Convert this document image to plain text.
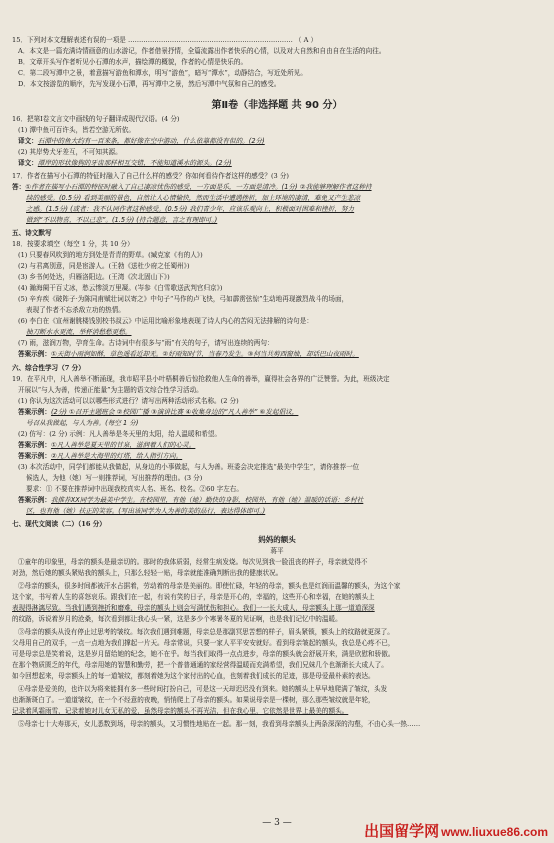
15．下列对本文理解表述有误的一项是 ………………………………………………………………… （ A ）
A．本文是一篇充满诗情画意的山水游记，作者借景抒情，全篇流露出作者快乐的心情，以及对大自然和自由自在生活的向往。
B．文章开头写作者听见小石潭的水声，描绘潭的概貌，作者的心情是快乐的。
C．第二段写潭中之景，着意描写游鱼和潭水，明写“游鱼”，暗写“潭水”，动静结合，写近处所见。
D．本文按游览的顺序，先写发现小石潭，再写潭中之景，然后写潭中气氛和自己的感受。
第Ⅱ卷（非选择题 共 90 分）
16．把第Ⅰ卷文言文中画线的句子翻译成现代汉语。(4 分)
(1) 潭中鱼可百许头，皆若空游无所依。
译文：石潭中的鱼大约有一百来条，都好像在空中游动，什么依靠都没有似的。(2分)
(2) 其岸势犬牙差互，不可知其源。
译文：潭岸的形状像狗的牙齿那样相互交错，不能知道溪水的源头。(2分)
17．作者在描写小石潭的特征时融入了自己什么样的感受？你如何看待作者这样的感受？(3 分)
答：①作者在描写小石潭的特征时融入了自己凄凉忧伤的感受，一方面是乐，一方面是清冷。(1分) ②我能够理解作者这种持
续的感受。(0.5分) 看到美丽的景色，自然让人心情愉快，然而生活中遭遇挫折，加上环境的凄清，难免又产生悲凉
之感。(1.5分) (或者：我不认同作者这种感受。(0.5分) 我们青少年，应该乐观向上，积极面对困难和挫折，努力
做到“不以物喜，不以己悲”。(1.5分) (持合题意，言之有理即可。)
五、诗文默写
18．按要求填空（每空 1 分，共 10 分）
(1) 只要春风吹到的地方到处是青青的野草。(臧克家《有的人》)
(2) 与君离别意，同是宦游人。(王勃《送杜少府之任蜀州》)
(3) 乡书何处达，归雁洛阳边。(王湾《次北固山下》)
(4) 瀚海阑干百丈冰，愁云惨淡万里凝。(岑参《白雪歌送武判官归京》)
(5) 辛弃疾《破阵子·为陈同甫赋壮词以寄之》中句子“马作的卢飞快，弓如霹雳弦惊”生动地再现激烈战斗的场面，
表现了作者不忘杀敌立功的热情。
(6) 李白在《宣州谢朓楼饯别校书叔云》中运用比喻形象地表现了诗人内心的苦闷无法排解的诗句是：
抽刀断水水更流，举杯消愁愁更愁。
(7) 雨，滋润万物，孕育生命。古诗词中有很多与“雨”有关的句子，请写出连续的两句：
答案示例：①天街小雨润如酥，草色遥看近却无。②好雨知时节，当春乃发生。③何当共剪西窗烛，却话巴山夜雨时。
六、综合性学习（7 分）
19．在平凡中，凡人善举不断涌现，我市昭平县小叶梧桐善后惊抢救他人生命的善举，赢得社会各界的广泛赞誉。为此，班级决定
开展以“与人为善，传递正能量”为主题的语文综合性学习活动。
(1) 你认为这次活动可以以哪些形式进行？请写出两种活动形式名称。(2 分)
答案示例：(2分) ①召开主题班会 ②校园广播 ③演讲比赛 ④收集身边的“凡人善举” ⑥发起倡议，
号召从我做起，与人为善。(每空 1 分)
(2) 仿写：(2 分) 示例：凡人善举是冬天里的太阳，给人温暖和希望。
答案示例：①凡人善举是夏天里的甘泉，滋润着人们的心灵。
答案示例：②凡人善举是大海里的灯塔，给人指引方向。
(3) 本次活动中，同学们都能从我做起，从身边的小事做起，与人为善。班委会决定推选“最美中学生”，请你推荐一位
候选人，为他（她）写一则推荐词，写出推荐的理由。(3 分)
要求：① 不要在推荐词中出现我校真实人名、班名、校名。②60 字左右。
答案示例：我推荐XX同学为最美中学生。在校园里，有他（她）勤快的身影，校园外，有他（她）温暖的话语：乡村社
区，也有他（她）扶正的笑容。(写出该同学为人为善的美的品行，表达得体即可。)
七、现代文阅读（二）（16 分）
妈妈的额头
蒋平
①童年的印象里，母亲的额头是最亲切的。那时的我体质弱，经常生病发烧。每次见到我一脸沮丧的样子，母亲就觉得不
对劲，然后她的额头紧贴我的额头上，只那么轻轻一贴，母亲就能准确判断出我的健康状况。
②母亲的额头，很多时间都被汗水占据着，劳动着的母亲是美丽的。即使忙碌，年轻的母亲，额头也是红润而温馨的额头，为这个家
这个家，书写着人生的喜怒哀乐。跟我们在一起，有说有笑的日子，母亲是开心的，幸福的，这些开心和幸福，在她的额头上
表现得淋漓尽致。当我们遇到挫折和磨难，母亲的额头上则会写满忧伤和担心。我们一一长大成人，母亲额头上那一道道深深
的纹路，诉说着岁月的沧桑，每次看到都让我心头一紧，这是多少个寒暑冬夏的见证啊，也是我们记忆中的温暖。
③母亲的额头从没有停止过思考的皱纹。每次我们遇到难题，母亲总是那副冥思苦想的样子，眉头紧锁，额头上的纹路就更深了。
父母用自己的双手，一点一点地为我们撑起一片天。母亲常说，只要一家人平平安安就好。看到母亲皱起的额头，我总是心疼不已，
可是母亲总是笑着说，这是岁月留给她的纪念，她不在乎。每当我们取得一点点进步，母亲的额头就会舒展开来，满是欣慰和骄傲。
在那个物质匮乏的年代，母亲用她的智慧和勤劳，把一个普普通通的家经营得温暖而充满希望，我们兄妹几个也渐渐长大成人了。
如今回想起来，母亲额头上的每一道皱纹，都刻着她为这个家付出的心血，也刻着我们成长的足迹，那是母爱最朴素的表达。
④母亲是爱美的，也许以为将来能拥有多一些时间打扮自己，可是这一天却迟迟没有到来。她的额头上早早地爬满了皱纹，头发
也渐渐斑白了。一道道皱纹，在一个不经意的夜晚，悄悄爬上了母亲的额头。如果说母亲是一棵树，那么那些皱纹就是年轮，
记录着风霜雨雪，记录着她对儿女无私的爱，虽然母亲的额头不再光洁，但在我心里，它依然是世界上最美的额头。
⑤母亲七十大寿那天，女儿悉数到场，母亲的额头，又习惯性地贴在一起。那一刻，我看到母亲额头上两条深深的沟壑，不由心头一热……
— 3 —	出国留学网 www.liuxue86.com
